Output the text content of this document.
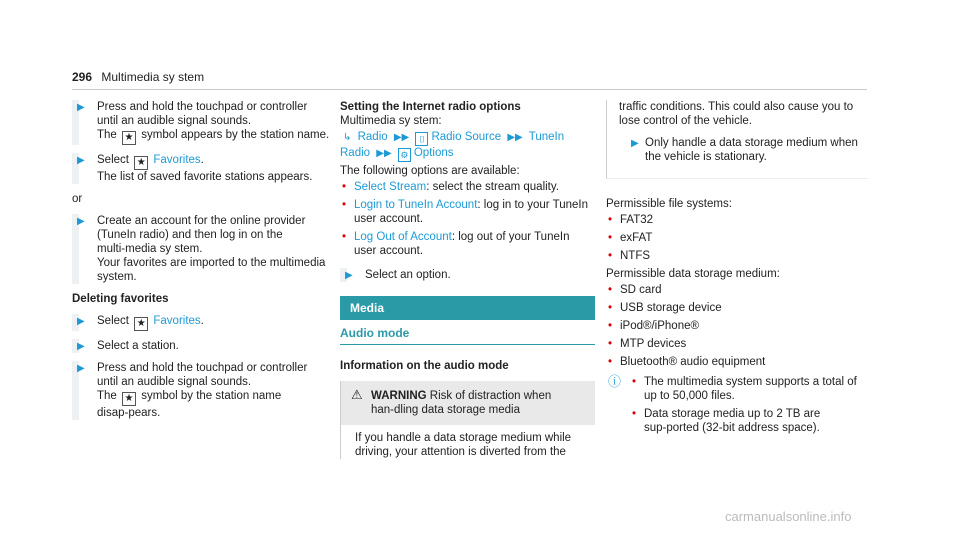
296 Multimedia sy stem
▶ Press and hold the touchpad or controller until an audible signal sounds.

The ★ symbol appears by the station name.

▶ Select ★ Favorites.

The list of saved favorite stations appears.

or
▶ Create an account for the online provider (TuneIn radio) and then log in on the multi‑media sy stem.

Your favorites are imported to the multimedia system.

Deleting favorites
▶ Select ★ Favorites.

▶ Select a station.

▶ Press and hold the touchpad or controller until an audible signal sounds.

The ★ symbol by the station name disap‑pears.

Setting the Internet radio options
Multimedia sy stem:
↳ Radio ▶▶ ⌷ Radio Source ▶▶ TuneIn Radio ▶▶ ⚙ Options
The following options are available:
• Select Stream: select the stream quality.
• Login to TuneIn Account: log in to your TuneIn user account.
• Log Out of Account: log out of your TuneIn user account.
▶ Select an option.

Media
Audio mode
Information on the audio mode
⚠ WARNING Risk of distraction when han‑dling data storage media
If you handle a data storage medium while driving, your attention is diverted from the

traffic conditions. This could also cause you to lose control of the vehicle.

▶ Only handle a data storage medium when the vehicle is stationary.

Permissible file systems:
• FAT32
• exFAT
• NTFS
Permissible data storage medium:
• SD card
• USB storage device
• iPod®/iPhone®
• MTP devices
• Bluetooth® audio equipment
ⓘ
•	The multimedia system supports a total of up to 50,000 files.
• Data storage media up to 2 TB are sup‑ported (32-bit address space).
carmanualsonline.info
